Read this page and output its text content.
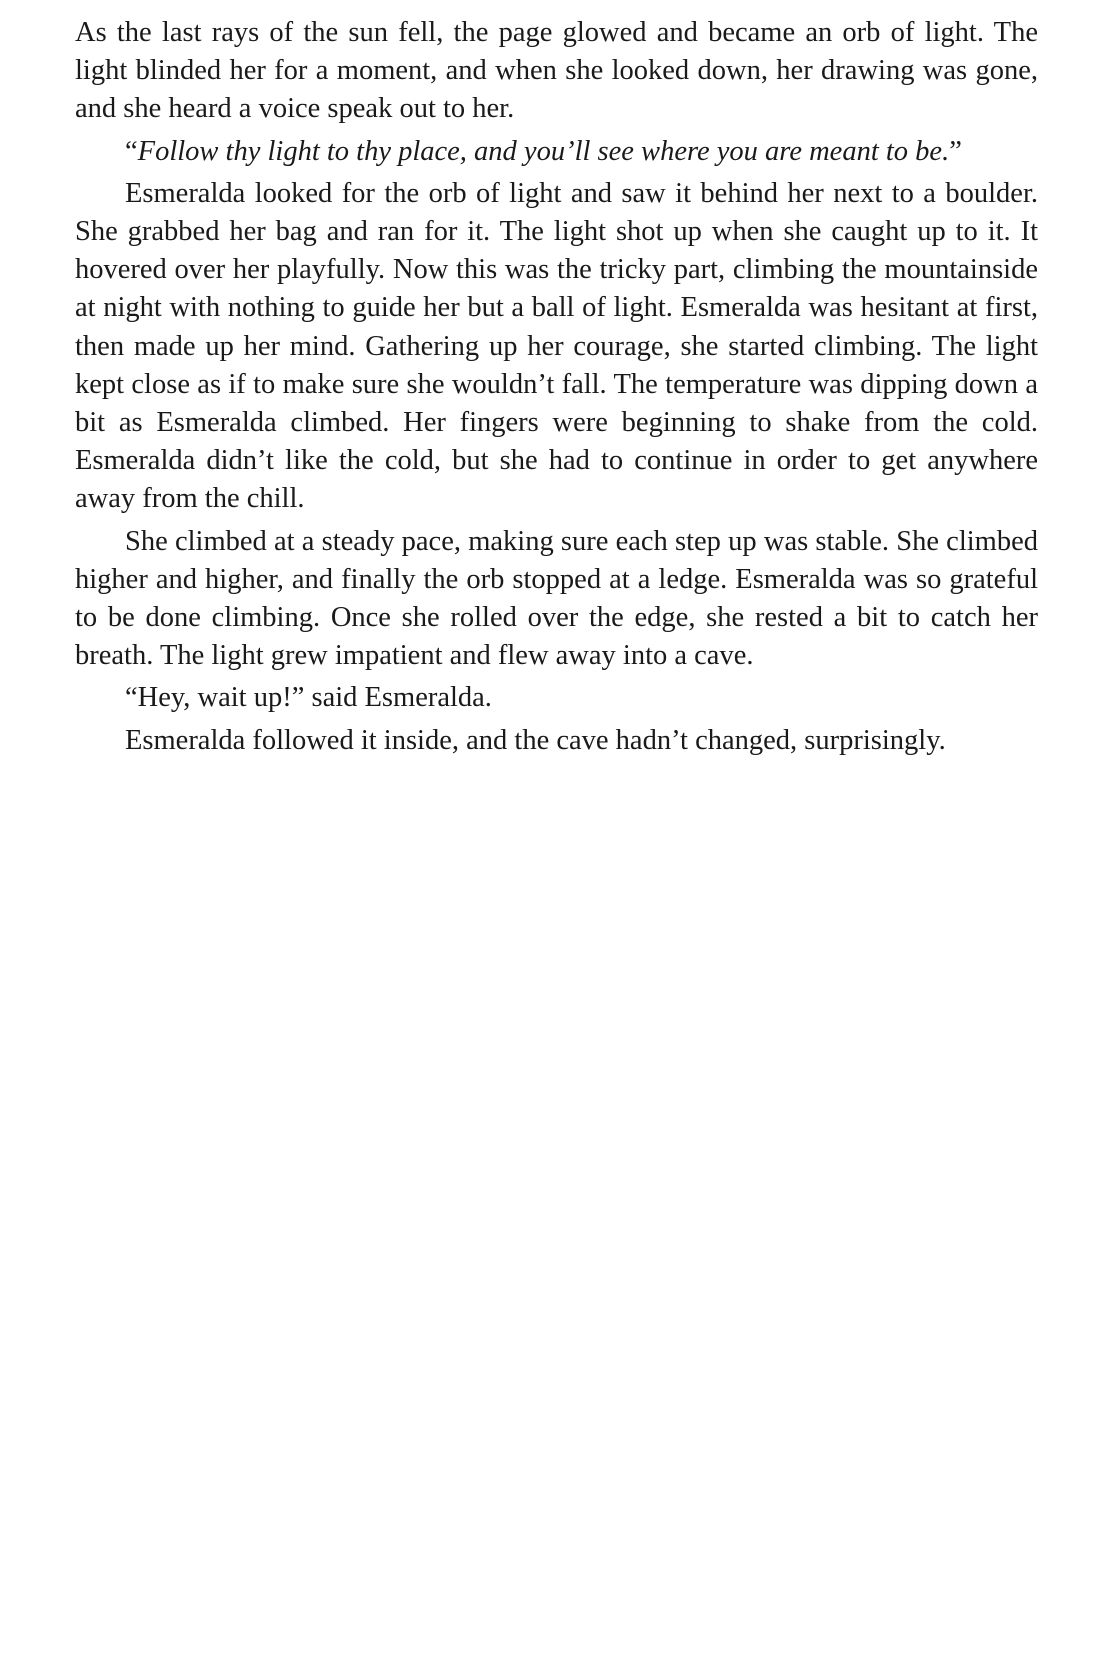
As the last rays of the sun fell, the page glowed and became an orb of light. The light blinded her for a moment, and when she looked down, her drawing was gone, and she heard a voice speak out to her.

“Follow thy light to thy place, and you’ll see where you are meant to be.”

Esmeralda looked for the orb of light and saw it behind her next to a boulder. She grabbed her bag and ran for it. The light shot up when she caught up to it. It hovered over her playfully. Now this was the tricky part, climbing the mountainside at night with nothing to guide her but a ball of light. Esmeralda was hesitant at first, then made up her mind. Gathering up her courage, she started climbing. The light kept close as if to make sure she wouldn’t fall. The temperature was dipping down a bit as Esmeralda climbed. Her fingers were beginning to shake from the cold. Esmeralda didn’t like the cold, but she had to continue in order to get anywhere away from the chill.

She climbed at a steady pace, making sure each step up was stable. She climbed higher and higher, and finally the orb stopped at a ledge. Esmeralda was so grateful to be done climbing. Once she rolled over the edge, she rested a bit to catch her breath. The light grew impatient and flew away into a cave.

“Hey, wait up!” said Esmeralda.

Esmeralda followed it inside, and the cave hadn’t changed, surprisingly.
